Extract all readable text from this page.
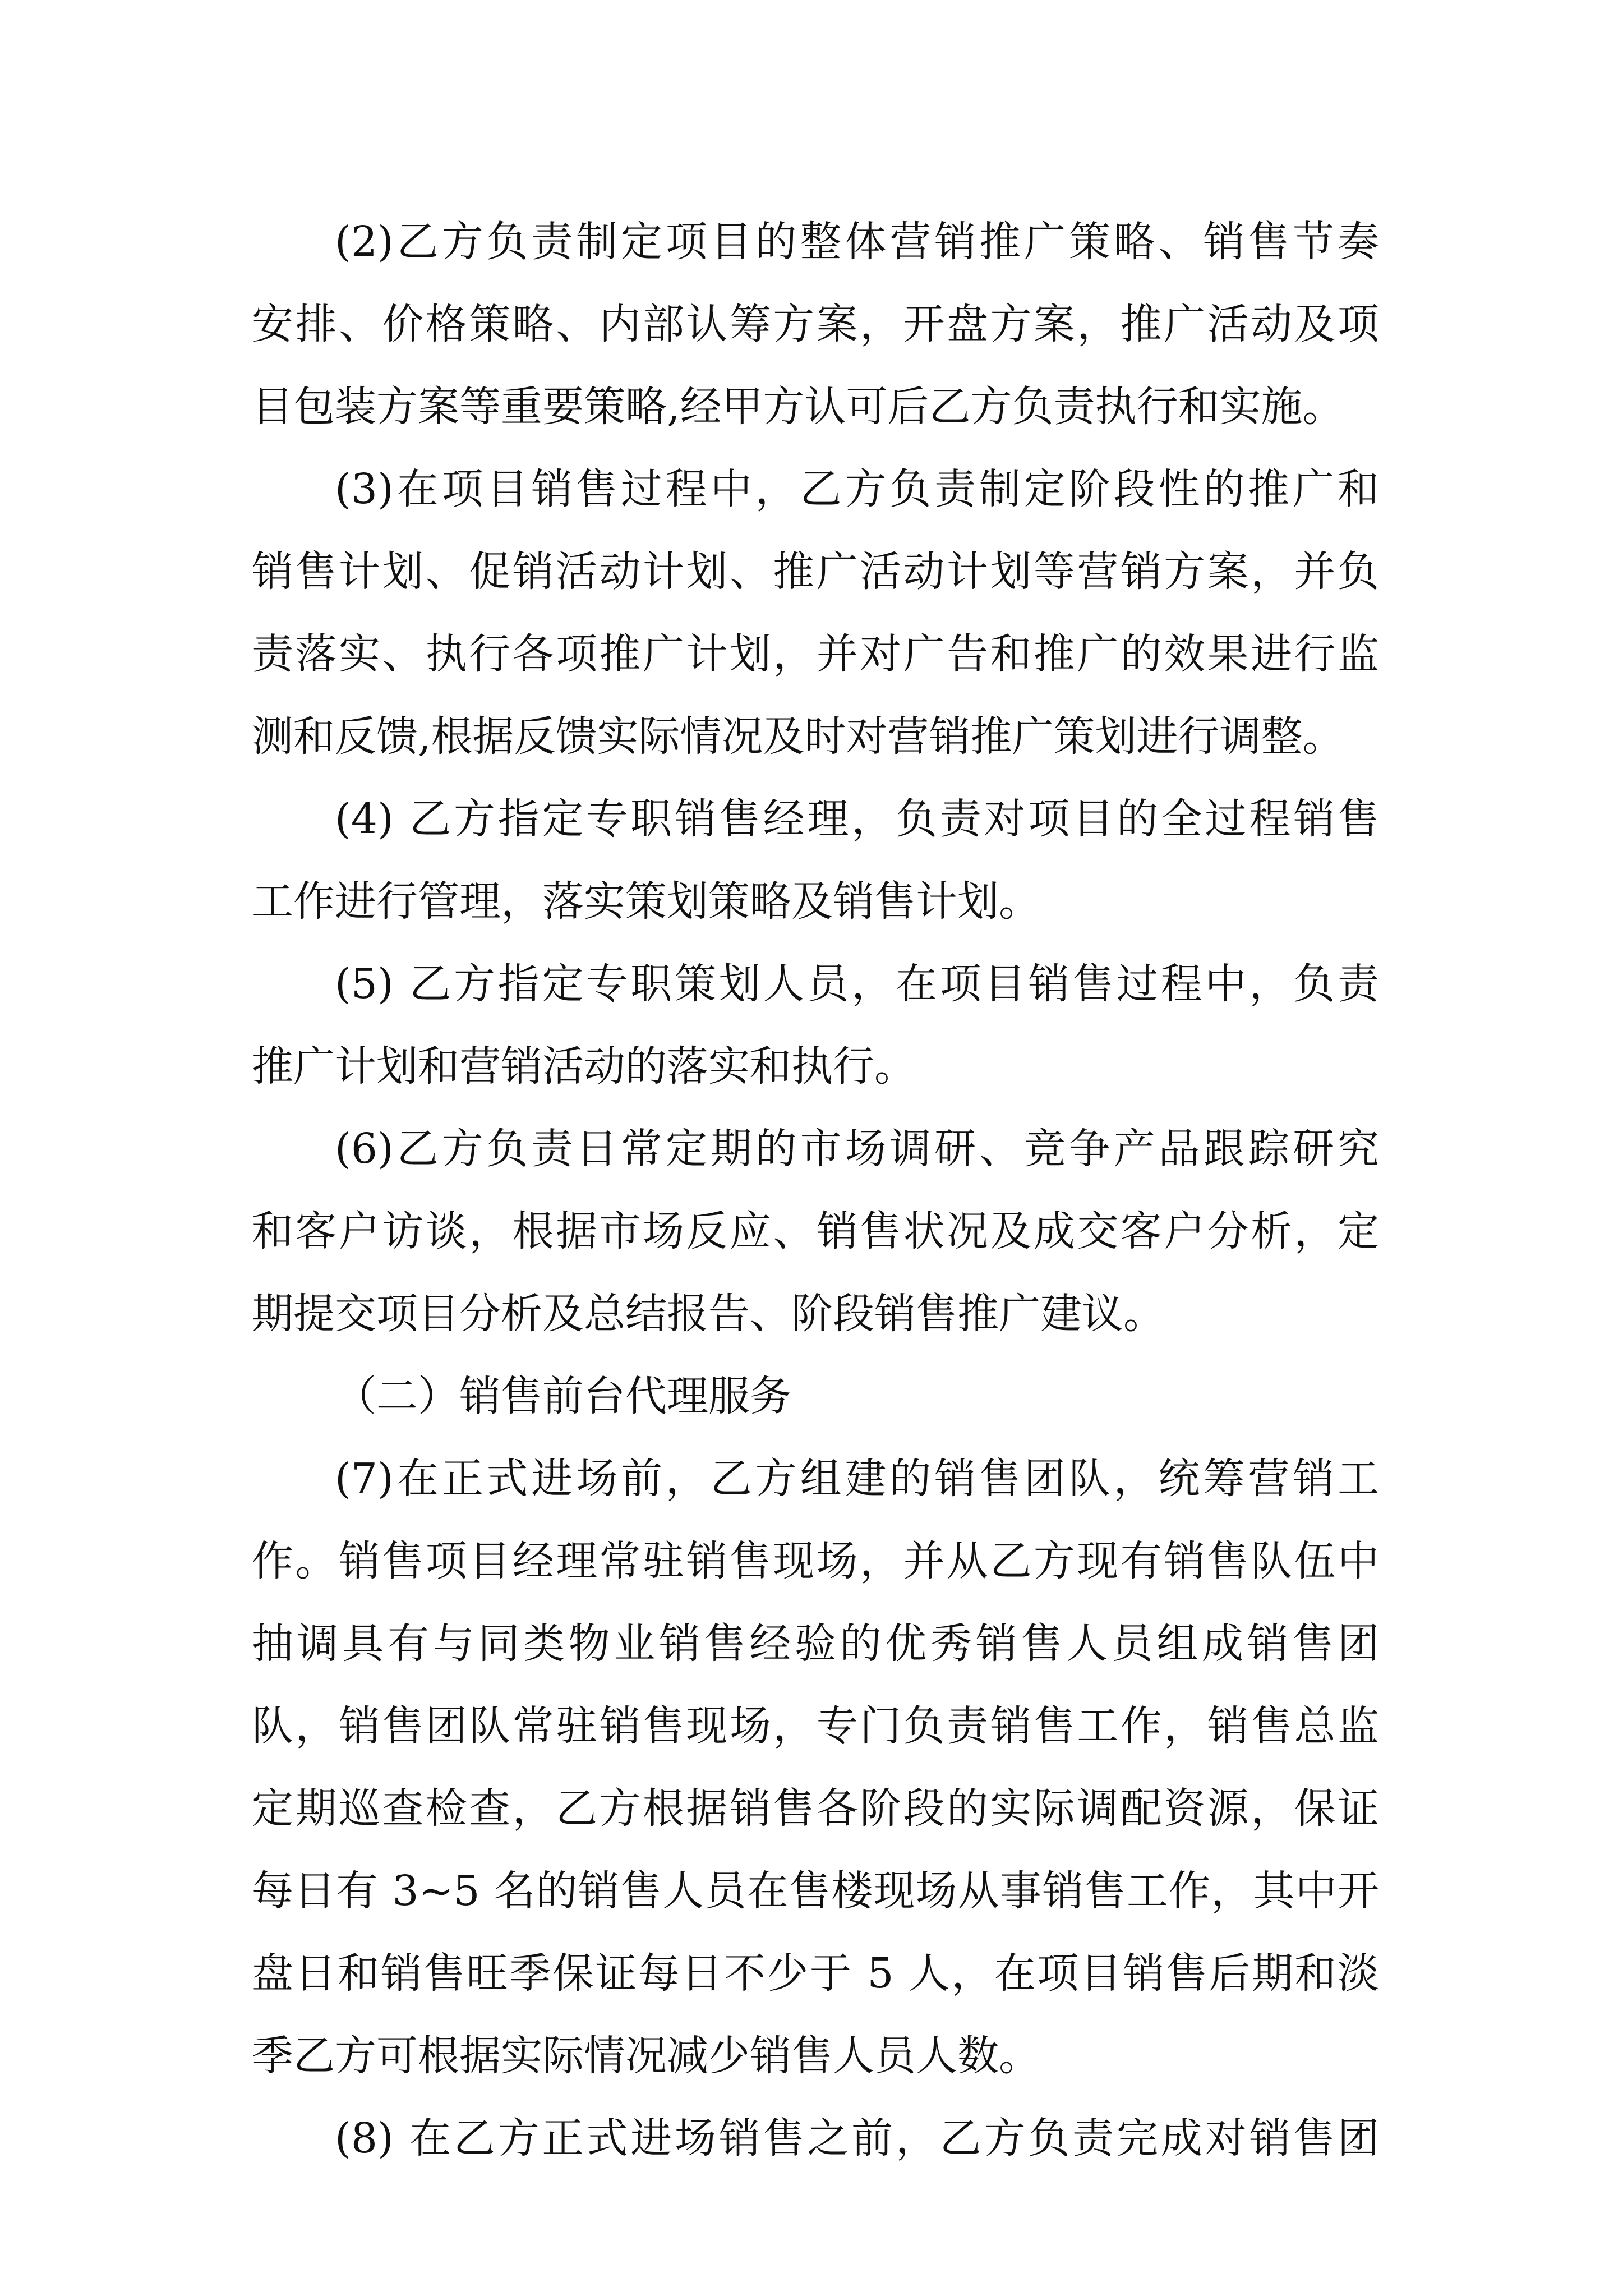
(2)乙方负责制定项目的整体营销推广策略、销售节奏
安排、价格策略、内部认筹方案，开盘方案，推广活动及项
目包装方案等重要策略,经甲方认可后乙方负责执行和实施。
(3)在项目销售过程中，乙方负责制定阶段性的推广和
销售计划、促销活动计划、推广活动计划等营销方案，并负
责落实、执行各项推广计划，并对广告和推广的效果进行监
测和反馈,根据反馈实际情况及时对营销推广策划进行调整。
(4) 乙方指定专职销售经理，负责对项目的全过程销售
工作进行管理，落实策划策略及销售计划。
(5) 乙方指定专职策划人员，在项目销售过程中，负责
推广计划和营销活动的落实和执行。
(6)乙方负责日常定期的市场调研、竞争产品跟踪研究
和客户访谈，根据市场反应、销售状况及成交客户分析，定
期提交项目分析及总结报告、阶段销售推广建议。
（二）销售前台代理服务
(7)在正式进场前，乙方组建的销售团队，统筹营销工
作。销售项目经理常驻销售现场，并从乙方现有销售队伍中
抽调具有与同类物业销售经验的优秀销售人员组成销售团
队，销售团队常驻销售现场，专门负责销售工作，销售总监
定期巡查检查，乙方根据销售各阶段的实际调配资源，保证
每日有 3~5 名的销售人员在售楼现场从事销售工作，其中开
盘日和销售旺季保证每日不少于 5 人，在项目销售后期和淡
季乙方可根据实际情况减少销售人员人数。
(8) 在乙方正式进场销售之前，乙方负责完成对销售团
